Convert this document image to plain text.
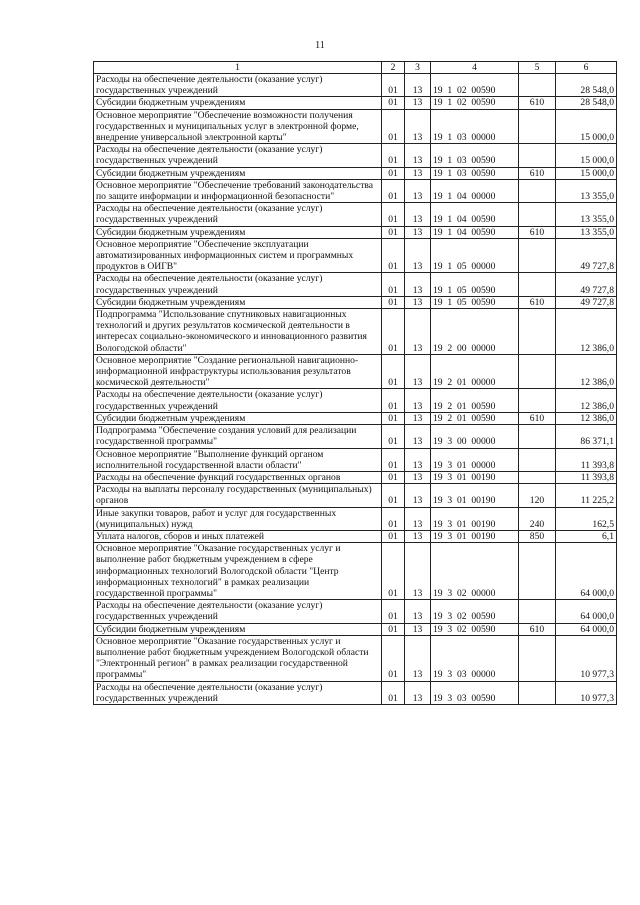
11
1	2	3	4	5	6
Расходы на обеспечение деятельности (оказание услуг) государственных учреждений	01	13	19  1  02  00590		28 548,0
Субсидии бюджетным учреждениям	01	13	19  1  02  00590	610	28 548,0
Основное мероприятие "Обеспечение возможности получения государственных и муниципальных услуг в электронной форме, внедрение универсальной электронной карты"	01	13	19  1  03  00000		15 000,0
Расходы на обеспечение деятельности (оказание услуг) государственных учреждений	01	13	19  1  03  00590		15 000,0
Субсидии бюджетным учреждениям	01	13	19  1  03  00590	610	15 000,0
Основное мероприятие "Обеспечение требований законодательства по защите информации и информационной безопасности"	01	13	19  1  04  00000		13 355,0
Расходы на обеспечение деятельности (оказание услуг) государственных учреждений	01	13	19  1  04  00590		13 355,0
Субсидии бюджетным учреждениям	01	13	19  1  04  00590	610	13 355,0
Основное мероприятие "Обеспечение эксплуатации автоматизированных информационных систем и программных продуктов в ОИГВ"	01	13	19  1  05  00000		49 727,8
Расходы на обеспечение деятельности (оказание услуг) государственных учреждений	01	13	19  1  05  00590		49 727,8
Субсидии бюджетным учреждениям	01	13	19  1  05  00590	610	49 727,8
Подпрограмма "Использование спутниковых навигационных технологий и других результатов космической деятельности в интересах социально-экономического и инновационного развития Вологодской области"	01	13	19  2  00  00000		12 386,0
Основное мероприятие "Создание региональной навигационно-информационной инфраструктуры использования результатов космической деятельности"	01	13	19  2  01  00000		12 386,0
Расходы на обеспечение деятельности (оказание услуг) государственных учреждений	01	13	19  2  01  00590		12 386,0
Субсидии бюджетным учреждениям	01	13	19  2  01  00590	610	12 386,0
Подпрограмма "Обеспечение создания условий для реализации государственной программы"	01	13	19  3  00  00000		86 371,1
Основное мероприятие "Выполнение функций органом исполнительной государственной власти области"	01	13	19  3  01  00000		11 393,8
Расходы на обеспечение функций государственных органов	01	13	19  3  01  00190		11 393,8
Расходы на выплаты персоналу государственных (муниципальных) органов	01	13	19  3  01  00190	120	11 225,2
Иные закупки товаров, работ и услуг для государственных (муниципальных) нужд	01	13	19  3  01  00190	240	162,5
Уплата налогов, сборов и иных платежей	01	13	19  3  01  00190	850	6,1
Основное мероприятие "Оказание государственных услуг и выполнение работ бюджетным учреждением в сфере информационных технологий Вологодской области "Центр информационных технологий" в рамках реализации государственной программы"	01	13	19  3  02  00000		64 000,0
Расходы на обеспечение деятельности (оказание услуг) государственных учреждений	01	13	19  3  02  00590		64 000,0
Субсидии бюджетным учреждениям	01	13	19  3  02  00590	610	64 000,0
Основное мероприятие "Оказание государственных услуг и выполнение работ бюджетным учреждением Вологодской области "Электронный регион" в рамках реализации государственной программы"	01	13	19  3  03  00000		10 977,3
Расходы на обеспечение деятельности (оказание услуг) государственных учреждений	01	13	19  3  03  00590		10 977,3
